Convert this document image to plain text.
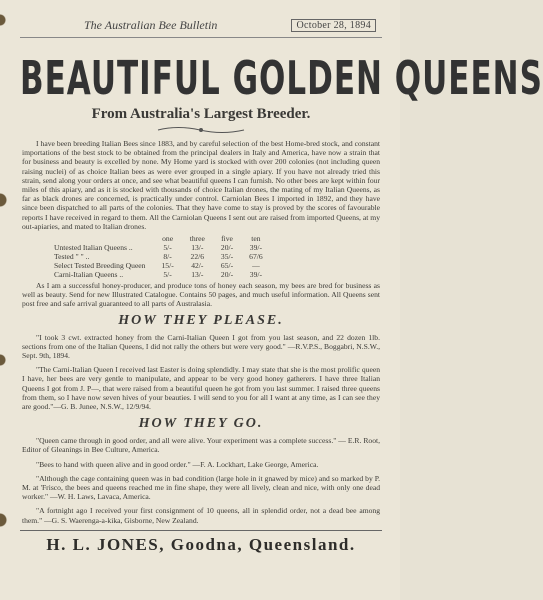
The Australian Bee Bulletin	October 28, 1894
BEAUTIFUL GOLDEN QUEENS
From Australia's Largest Breeder.
I have been breeding Italian Bees since 1883, and by careful selection of the best Home-bred stock, and constant importations of the best stock to be obtained from the principal dealers in Italy and America, have now a strain that for business and beauty is excelled by none. My Home yard is stocked with over 200 colonies (not including queen raising nuclei) of as choice Italian bees as were ever grouped in a single apiary. If you have not already tried this strain, send along your orders at once, and see what beautiful queens I can furnish. No other bees are kept within four miles of this apiary, and as it is stocked with thousands of choice Italian drones, the mating of my Italian Queens, as far as black drones are concerned, is practically under control. Carniolan Bees I imported in 1892, and they have since been dispatched to all parts of the colonies. That they have come to stay is proved by the scores of favourable reports I have received in regard to them. All the Carniolan Queens I sent out are raised from imported Queens, at my out-apiaries, and mated to Italian drones.
	one	three	five	ten
Untested Italian Queens ..	5/-	13/-	20/-	39/-
Tested " " ..	8/-	22/6	35/-	67/6
Select Tested Breeding Queen	15/-	42/-	65/-	—
Carni-Italian Queens ..	5/-	13/-	20/-	39/-
As I am a successful honey-producer, and produce tons of honey each season, my bees are bred for business as well as beauty. Send for new Illustrated Catalogue. Contains 50 pages, and much useful information. All Queens sent post free and safe arrival guaranteed to all parts of Australasia.
HOW THEY PLEASE.
"I took 3 cwt. extracted honey from the Carni-Italian Queen I got from you last season, and 22 dozen 1lb. sections from one of the Italian Queens, I did not rally the others but were very good." —R.V.P.S., Boggabri, N.S.W., Sept. 9th, 1894.
"The Carni-Italian Queen I received last Easter is doing splendidly. I may state that she is the most prolific queen I have, her bees are very gentle to manipulate, and appear to be very good honey gatherers. I have three Italian Queens I got from J. P—, that were raised from a beautiful queen he got from you last summer. I raised three queens from them, so I have now seven hives of your beauties. I will send to you for all I want at any time, as I can see they are good."—G. B. Junee, N.S.W., 12/9/94.
HOW THEY GO.
"Queen came through in good order, and all were alive. Your experiment was a complete success." — E.R. Root, Editor of Gleanings in Bee Culture, America.
"Bees to hand with queen alive and in good order." —F. A. Lockhart, Lake George, America.
"Although the cage containing queen was in bad condition (large hole in it gnawed by mice) and so marked by P. M. at 'Frisco, the bees and queens reached me in fine shape, they were all lively, clean and nice, with only one dead worker." —W. H. Laws, Lavaca, America.
"A fortnight ago I received your first consignment of 10 queens, all in splendid order, not a dead bee among them." —G. S. Waerenga-a-kika, Gisborne, New Zealand.
H. L. JONES, Goodna, Queensland.
